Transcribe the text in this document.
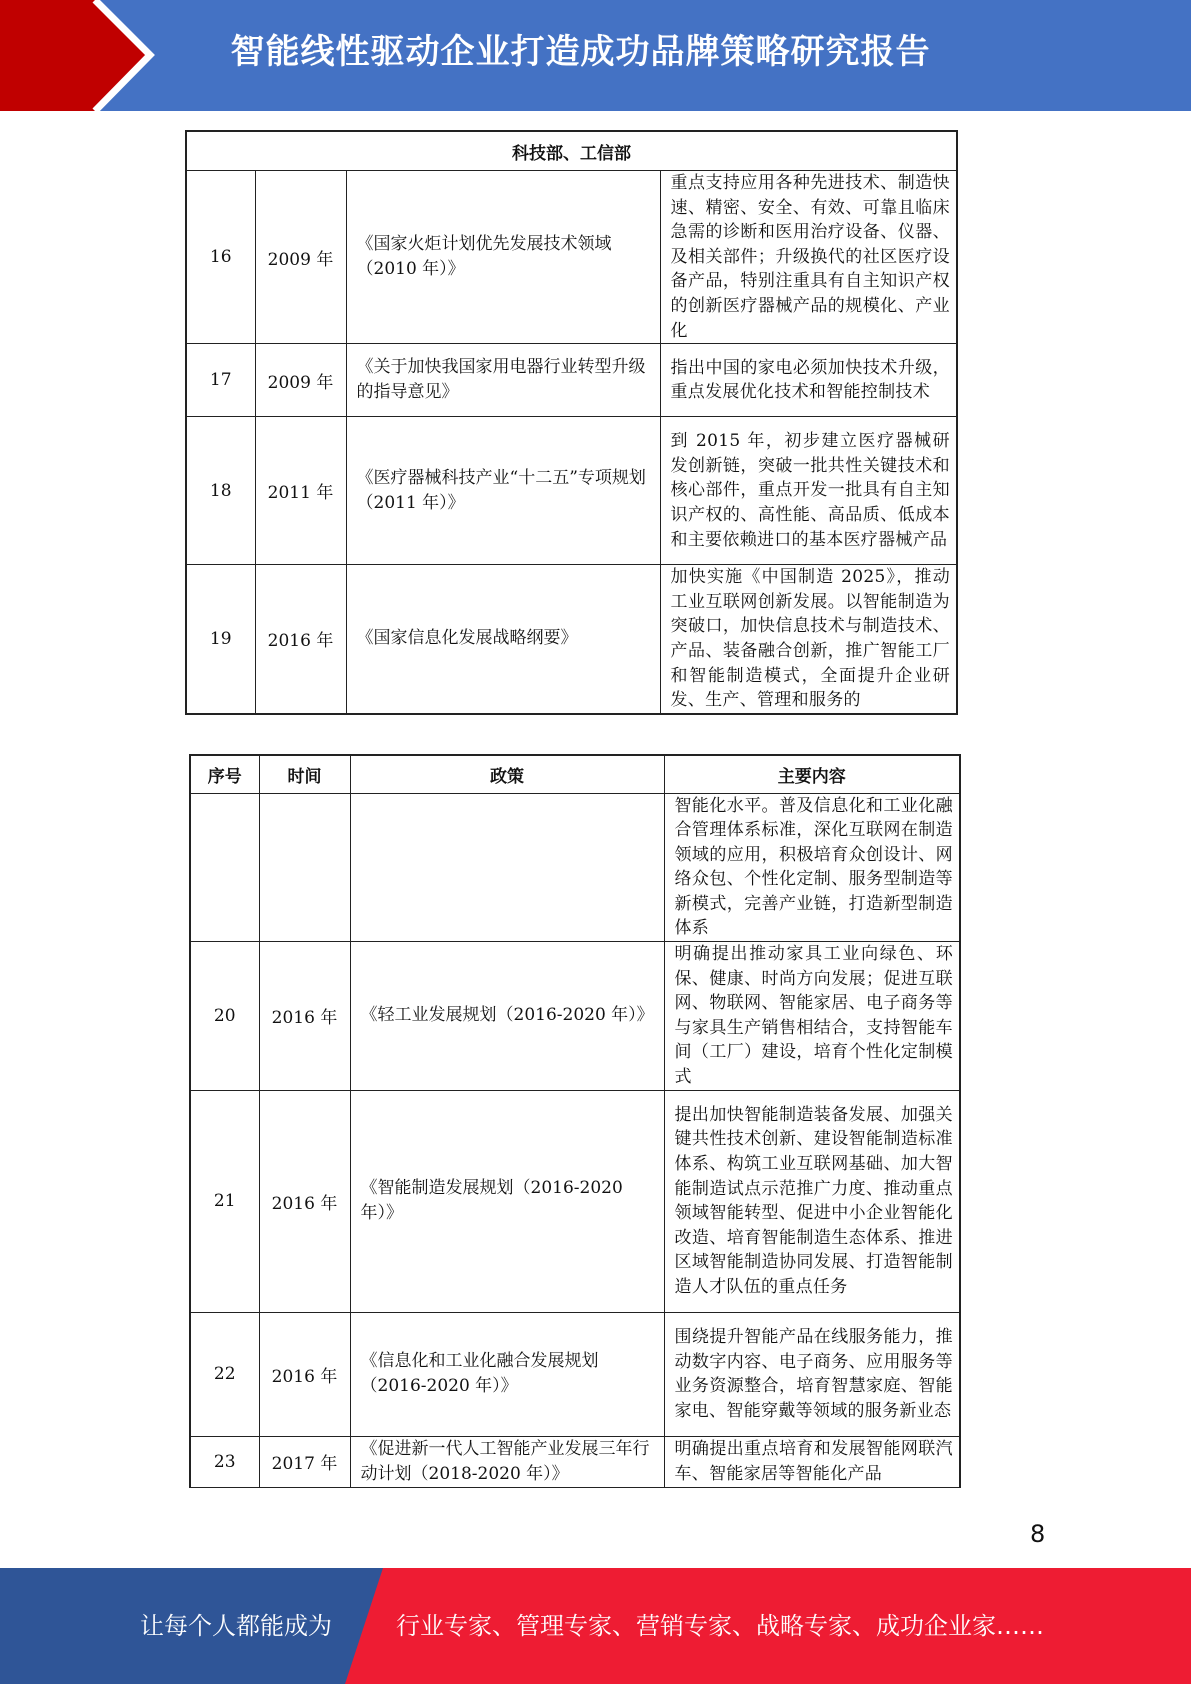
智能线性驱动企业打造成功品牌策略研究报告
科技部、工信部			
16	2009 年	《国家火炬计划优先发展技术领域（2010 年）》	重点支持应用各种先进技术、制造快速、精密、安全、有效、可靠且临床急需的诊断和医用治疗设备、仪器、及相关部件；升级换代的社区医疗设备产品，特别注重具有自主知识产权的创新医疗器械产品的规模化、产业化
17	2009 年	《关于加快我国家用电器行业转型升级的指导意见》	指出中国的家电必须加快技术升级，重点发展优化技术和智能控制技术
18	2011 年	《医疗器械科技产业“十二五”专项规划（2011 年）》	到 2015 年，初步建立医疗器械研发创新链，突破一批共性关键技术和核心部件，重点开发一批具有自主知识产权的、高性能、高品质、低成本和主要依赖进口的基本医疗器械产品
19	2016 年	《国家信息化发展战略纲要》	加快实施《中国制造 2025》，推动工业互联网创新发展。以智能制造为突破口，加快信息技术与制造技术、产品、装备融合创新，推广智能工厂和智能制造模式，全面提升企业研发、生产、管理和服务的
序号	时间	政策	主要内容
			智能化水平。普及信息化和工业化融合管理体系标准，深化互联网在制造领域的应用，积极培育众创设计、网络众包、个性化定制、服务型制造等新模式，完善产业链，打造新型制造体系
20	2016 年	《轻工业发展规划（2016-2020 年）》	明确提出推动家具工业向绿色、环保、健康、时尚方向发展；促进互联网、物联网、智能家居、电子商务等与家具生产销售相结合，支持智能车间（工厂）建设，培育个性化定制模式
21	2016 年	《智能制造发展规划（2016-2020 年）》	提出加快智能制造装备发展、加强关键共性技术创新、建设智能制造标准体系、构筑工业互联网基础、加大智能制造试点示范推广力度、推动重点领域智能转型、促进中小企业智能化改造、培育智能制造生态体系、推进区域智能制造协同发展、打造智能制造人才队伍的重点任务
22	2016 年	《信息化和工业化融合发展规划（2016-2020 年）》	围绕提升智能产品在线服务能力，推动数字内容、电子商务、应用服务等业务资源整合，培育智慧家庭、智能家电、智能穿戴等领域的服务新业态
23	2017 年	《促进新一代人工智能产业发展三年行动计划（2018-2020 年）》	明确提出重点培育和发展智能网联汽车、智能家居等智能化产品
8
让每个人都能成为	行业专家、管理专家、营销专家、战略专家、成功企业家……
